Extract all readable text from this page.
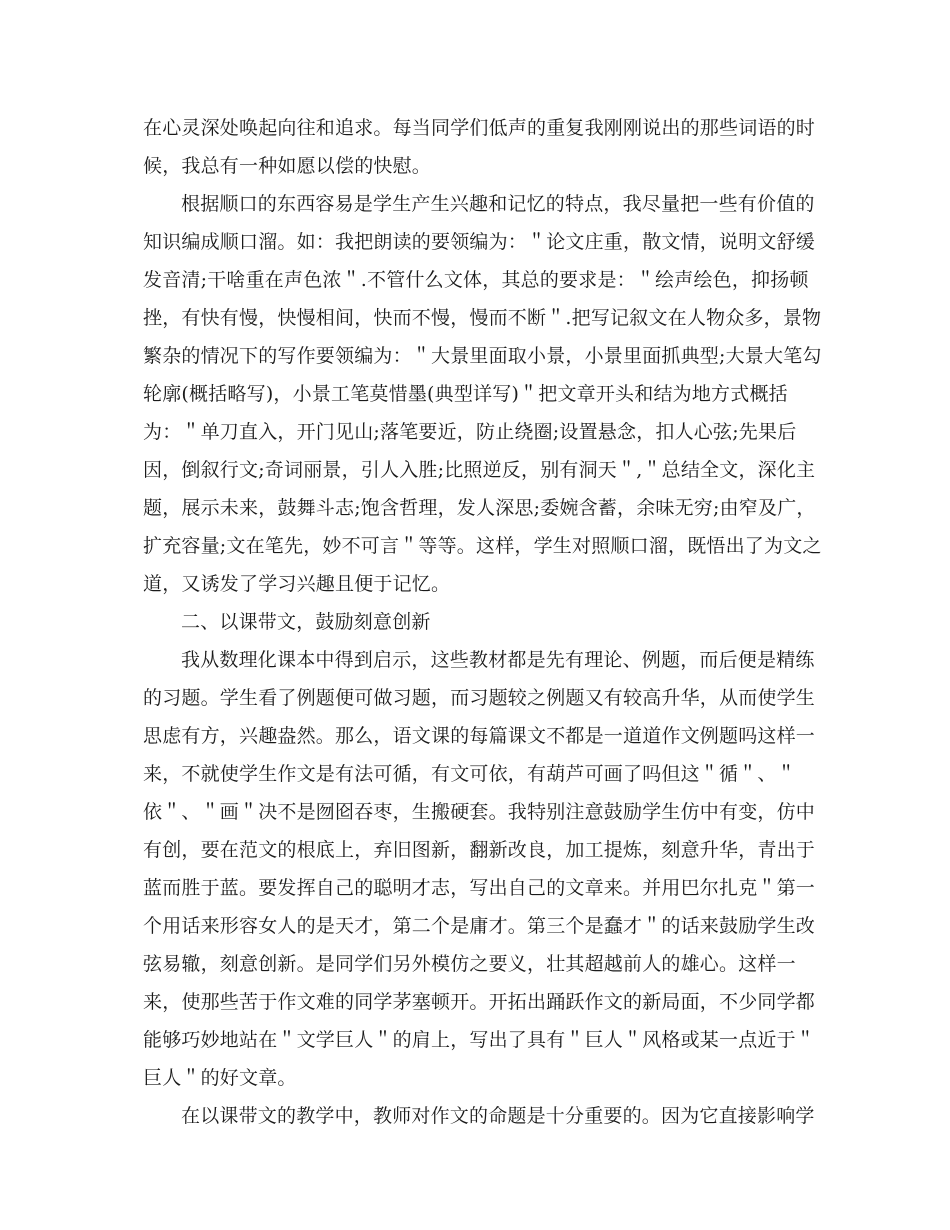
在心灵深处唤起向往和追求。每当同学们低声的重复我刚刚说出的那些词语的时
候，我总有一种如愿以偿的快慰。
根据顺口的东西容易是学生产生兴趣和记忆的特点，我尽量把一些有价值的
知识编成顺口溜。如：我把朗读的要领编为：＂论文庄重，散文情，说明文舒缓
发音清;干啥重在声色浓＂.不管什么文体，其总的要求是：＂绘声绘色，抑扬顿
挫，有快有慢，快慢相间，快而不慢，慢而不断＂.把写记叙文在人物众多，景物
繁杂的情况下的写作要领编为：＂大景里面取小景，小景里面抓典型;大景大笔勾
轮廓(概括略写)，小景工笔莫惜墨(典型详写)＂把文章开头和结为地方式概括
为：＂单刀直入，开门见山;落笔要近，防止绕圈;设置悬念，扣人心弦;先果后
因，倒叙行文;奇词丽景，引人入胜;比照逆反，别有洞天＂,＂总结全文，深化主
题，展示未来，鼓舞斗志;饱含哲理，发人深思;委婉含蓄，余味无穷;由窄及广，
扩充容量;文在笔先，妙不可言＂等等。这样，学生对照顺口溜，既悟出了为文之
道，又诱发了学习兴趣且便于记忆。
二、以课带文，鼓励刻意创新
我从数理化课本中得到启示，这些教材都是先有理论、例题，而后便是精练
的习题。学生看了例题便可做习题，而习题较之例题又有较高升华，从而使学生
思虑有方，兴趣盎然。那么，语文课的每篇课文不都是一道道作文例题吗这样一
来，不就使学生作文是有法可循，有文可依，有葫芦可画了吗但这＂循＂、＂
依＂、＂画＂决不是囫囵吞枣，生搬硬套。我特别注意鼓励学生仿中有变，仿中
有创，要在范文的根底上，弃旧图新，翻新改良，加工提炼，刻意升华，青出于
蓝而胜于蓝。要发挥自己的聪明才志，写出自己的文章来。并用巴尔扎克＂第一
个用话来形容女人的是天才，第二个是庸才。第三个是蠢才＂的话来鼓励学生改
弦易辙，刻意创新。是同学们另外模仿之要义，壮其超越前人的雄心。这样一
来，使那些苦于作文难的同学茅塞顿开。开拓出踊跃作文的新局面，不少同学都
能够巧妙地站在＂文学巨人＂的肩上，写出了具有＂巨人＂风格或某一点近于＂
巨人＂的好文章。
在以课带文的教学中，教师对作文的命题是十分重要的。因为它直接影响学
